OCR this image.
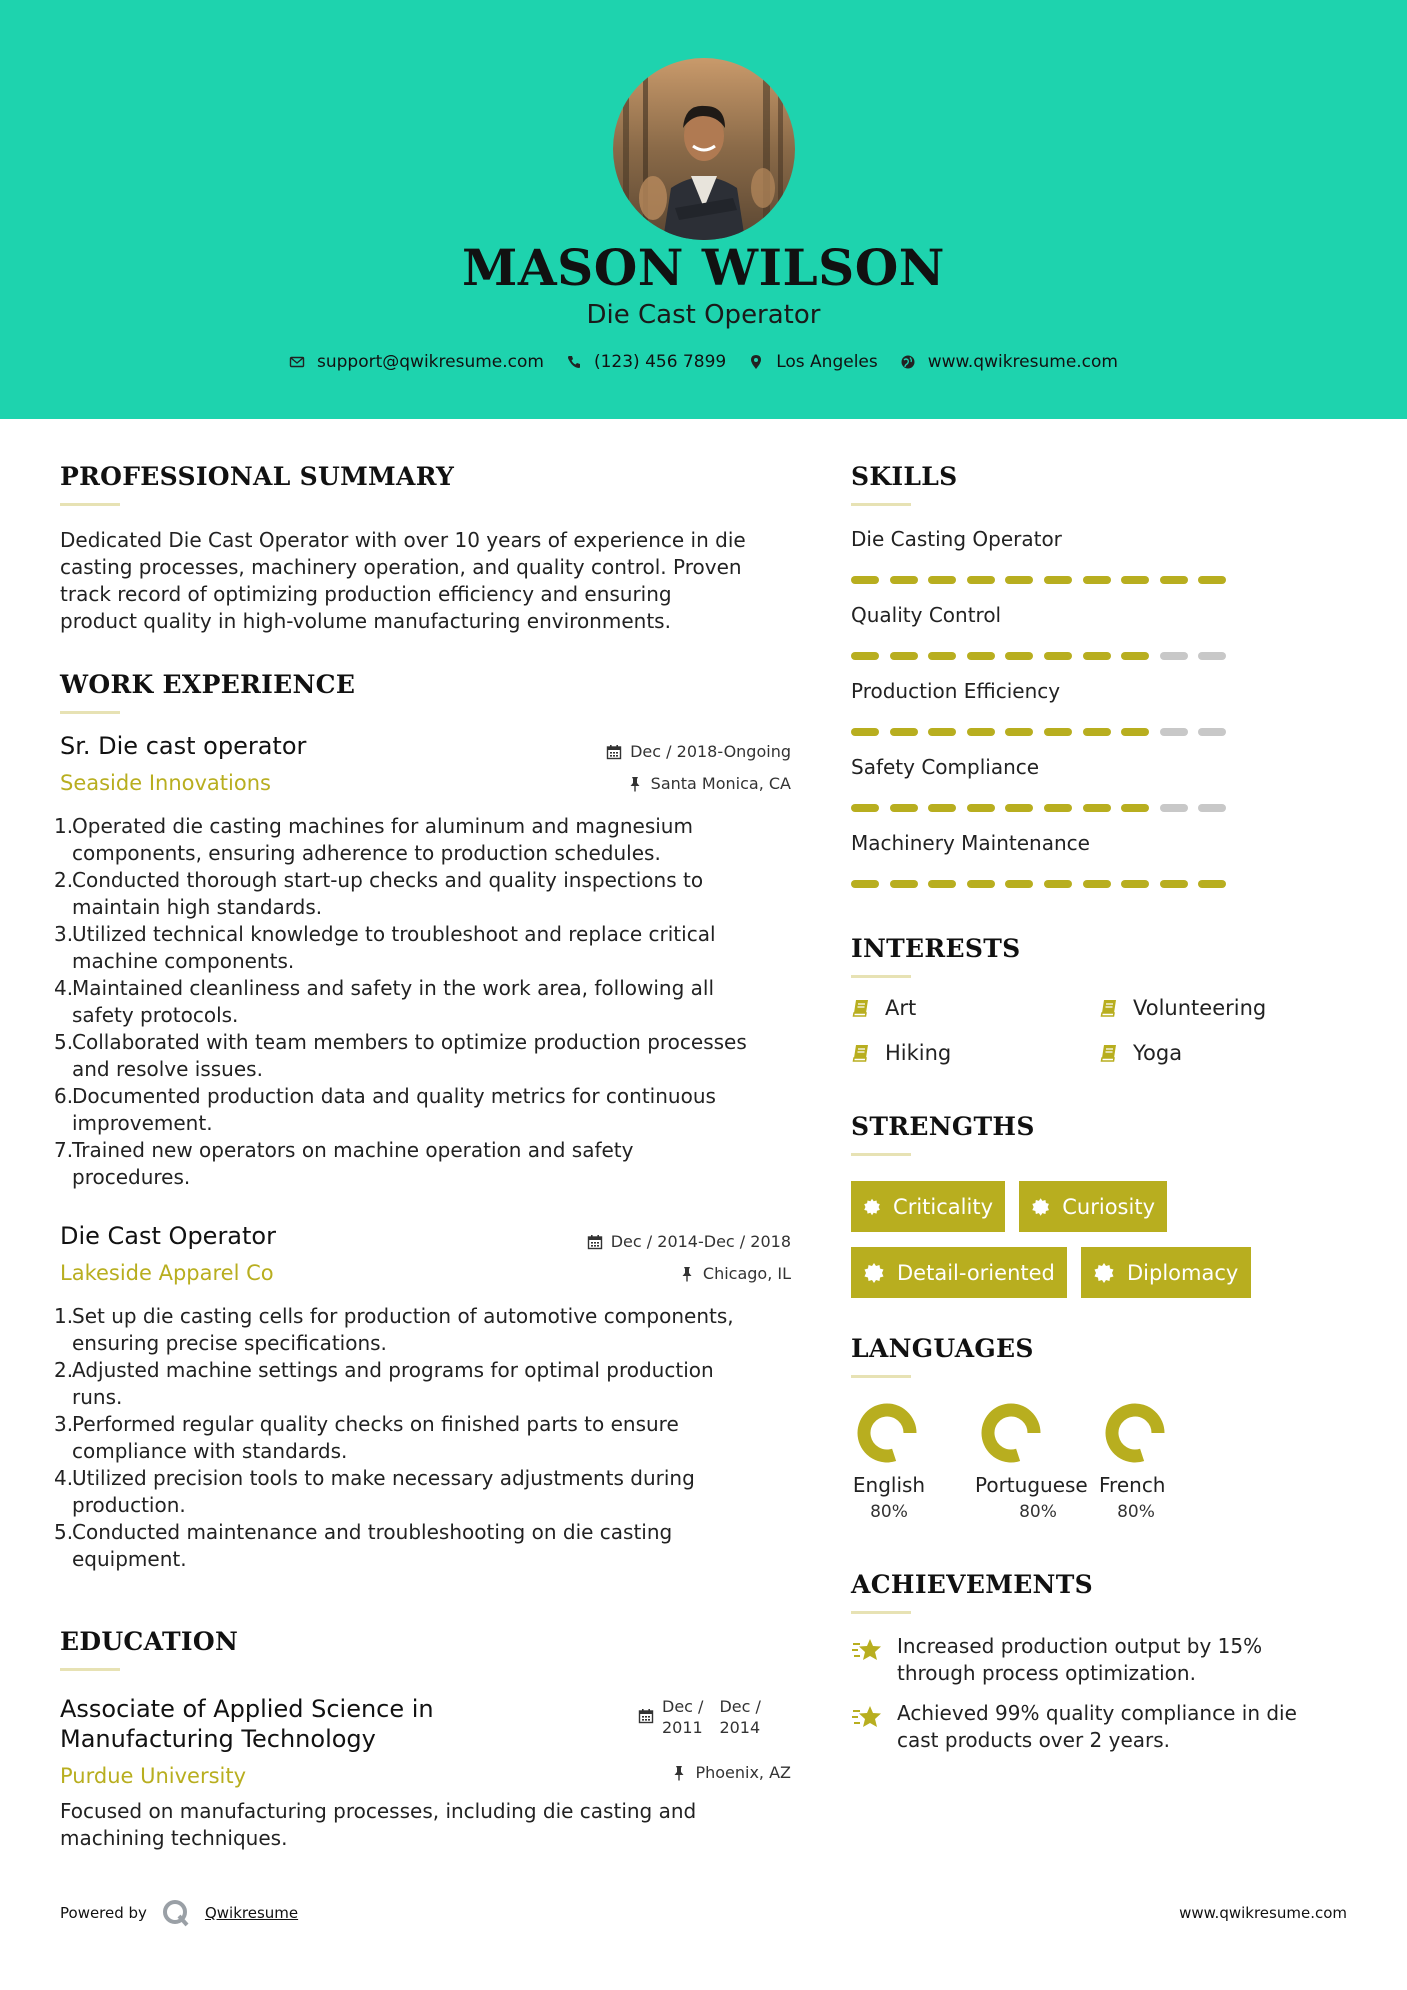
MASON WILSON
Die Cast Operator
support@qwikresume.com	(123) 456 7899	Los Angeles	www.qwikresume.com
PROFESSIONAL SUMMARY
Dedicated Die Cast Operator with over 10 years of experience in die
casting processes, machinery operation, and quality control. Proven
track record of optimizing production efficiency and ensuring
product quality in high-volume manufacturing environments.
WORK EXPERIENCE
Sr. Die cast operator
Seaside Innovations
Dec / 2018-Ongoing
Santa Monica, CA
1.
Operated die casting machines for aluminum and magnesium
components, ensuring adherence to production schedules.
2.
Conducted thorough start-up checks and quality inspections to
maintain high standards.
3.
Utilized technical knowledge to troubleshoot and replace critical
machine components.
4.
Maintained cleanliness and safety in the work area, following all
safety protocols.
5.
Collaborated with team members to optimize production processes
and resolve issues.
6.
Documented production data and quality metrics for continuous
improvement.
7.
Trained new operators on machine operation and safety
procedures.
Die Cast Operator
Lakeside Apparel Co
Dec / 2014-Dec / 2018
Chicago, IL
1.
Set up die casting cells for production of automotive components,
ensuring precise specifications.
2.
Adjusted machine settings and programs for optimal production
runs.
3.
Performed regular quality checks on finished parts to ensure
compliance with standards.
4.
Utilized precision tools to make necessary adjustments during
production.
5.
Conducted maintenance and troubleshooting on die casting
equipment.
EDUCATION
Associate of Applied Science in
Manufacturing Technology
Purdue University
Dec /
2011
Dec /
2014
Phoenix, AZ
Focused on manufacturing processes, including die casting and
machining techniques.
SKILLS
Die Casting Operator
Quality Control
Production Efficiency
Safety Compliance
Machinery Maintenance
INTERESTS
Art	Volunteering
Hiking	Yoga
STRENGTHS
Criticality	Curiosity
Detail-oriented	Diplomacy
LANGUAGES
English
80%
Portuguese
80%
French
80%
ACHIEVEMENTS
Increased production output by 15%
through process optimization.
Achieved 99% quality compliance in die
cast products over 2 years.
Powered by	Qwikresume	www.qwikresume.com
